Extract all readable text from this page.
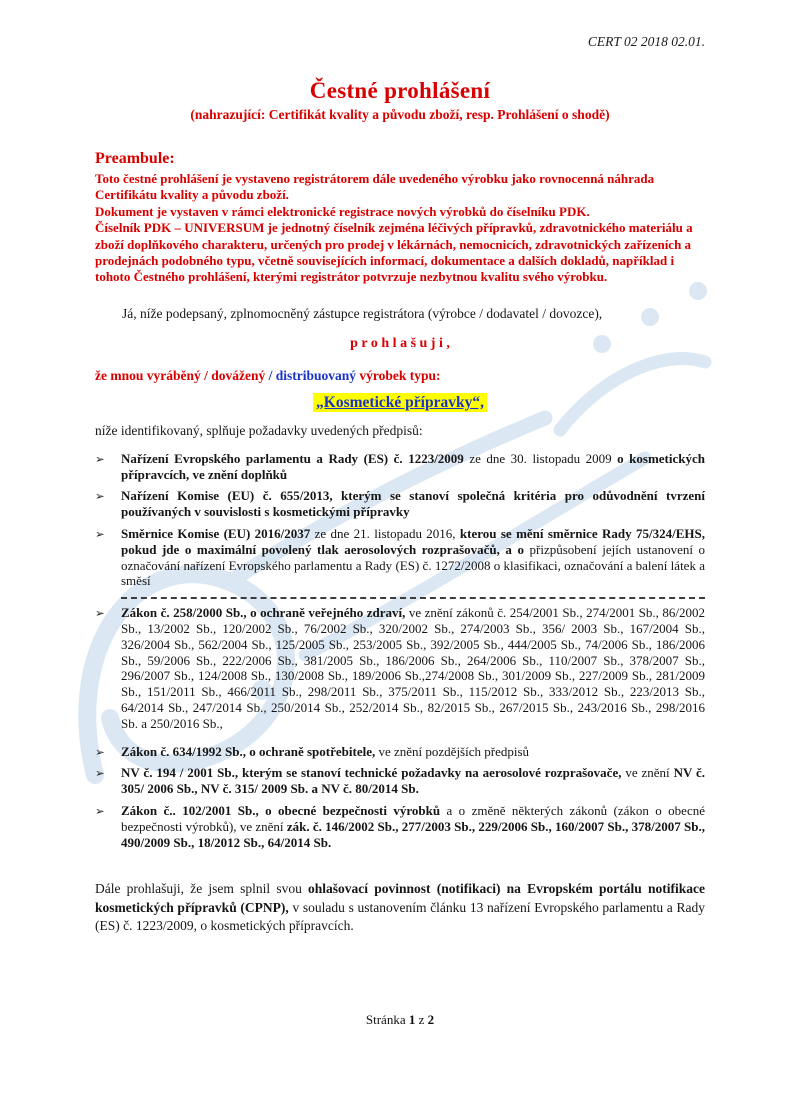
CERT 02 2018 02.01.
Čestné prohlášení
(nahrazující: Certifikát kvality a původu zboží, resp. Prohlášení o shodě)
Preambule:

Toto čestné prohlášení je vystaveno registrátorem dále uvedeného výrobku jako rovnocenná náhrada Certifikátu kvality a původu zboží.

Dokument je vystaven v rámci elektronické registrace nových výrobků do číselníku PDK.

Číselník PDK – UNIVERSUM je jednotný číselník zejména léčivých přípravků, zdravotnického materiálu a zboží doplňkového charakteru, určených pro prodej v lékárnách, nemocnicích, zdravotnických zařízeních a prodejnách podobného typu, včetně souvisejících informací, dokumentace a dalších dokladů, například i tohoto Čestného prohlášení, kterými registrátor potvrzuje nezbytnou kvalitu svého výrobku.

Já, níže podepsaný, zplnomocněný zástupce registrátora (výrobce / dodavatel / dovozce),

p r o h l a š u j i ,

že mnou vyráběný / dovážený / distribuovaný výrobek typu:

„Kosmetické přípravky“,

níže identifikovaný, splňuje požadavky uvedených předpisů:

➢	Nařízení Evropského parlamentu a Rady (ES) č. 1223/2009 ze dne 30. listopadu 2009 o kosmetických přípravcích, ve znění doplňků

➢	Nařízení Komise (EU) č. 655/2013, kterým se stanoví společná kritéria pro odůvodnění tvrzení používaných v souvislosti s kosmetickými přípravky

➢	Směrnice Komise (EU) 2016/2037 ze dne 21. listopadu 2016, kterou se mění směrnice Rady 75/324/EHS, pokud jde o maximální povolený tlak aerosolových rozprašovačů, a o přizpůsobení jejích ustanovení o označování nařízení Evropského parlamentu a Rady (ES) č. 1272/2008 o klasifikaci, označování a balení látek a směsí

➢	Zákon č. 258/2000 Sb., o ochraně veřejného zdraví, ve znění zákonů č. 254/2001 Sb., 274/2001 Sb., 86/2002 Sb., 13/2002 Sb., 120/2002 Sb., 76/2002 Sb., 320/2002 Sb., 274/2003 Sb., 356/ 2003 Sb., 167/2004 Sb., 326/2004 Sb., 562/2004 Sb., 125/2005 Sb., 253/2005 Sb., 392/2005 Sb., 444/2005 Sb., 74/2006 Sb., 186/2006 Sb., 59/2006 Sb., 222/2006 Sb., 381/2005 Sb., 186/2006 Sb., 264/2006 Sb., 110/2007 Sb., 378/2007 Sb., 296/2007 Sb., 124/2008 Sb., 130/2008 Sb., 189/2006 Sb.,274/2008 Sb., 301/2009 Sb., 227/2009 Sb., 281/2009 Sb., 151/2011 Sb., 466/2011 Sb., 298/2011 Sb., 375/2011 Sb., 115/2012 Sb., 333/2012 Sb., 223/2013 Sb., 64/2014 Sb., 247/2014 Sb., 250/2014 Sb., 252/2014 Sb., 82/2015 Sb., 267/2015 Sb., 243/2016 Sb., 298/2016 Sb. a 250/2016 Sb.,

➢	Zákon č. 634/1992 Sb., o ochraně spotřebitele, ve znění pozdějších předpisů

➢	NV č. 194 / 2001 Sb., kterým se stanoví technické požadavky na aerosolové rozprašovače, ve znění NV č. 305/ 2006 Sb., NV č. 315/ 2009 Sb. a NV č. 80/2014 Sb.

➢	Zákon č.. 102/2001 Sb., o obecné bezpečnosti výrobků a o změně některých zákonů (zákon o obecné bezpečnosti výrobků), ve znění zák. č. 146/2002 Sb., 277/2003 Sb., 229/2006 Sb., 160/2007 Sb., 378/2007 Sb., 490/2009 Sb., 18/2012 Sb., 64/2014 Sb.

Dále prohlašuji, že jsem splnil svou ohlašovací povinnost (notifikaci) na Evropském portálu notifikace kosmetických přípravků (CPNP), v souladu s ustanovením článku 13 nařízení Evropského parlamentu a Rady (ES) č. 1223/2009, o kosmetických přípravcích.

Stránka 1 z 2
